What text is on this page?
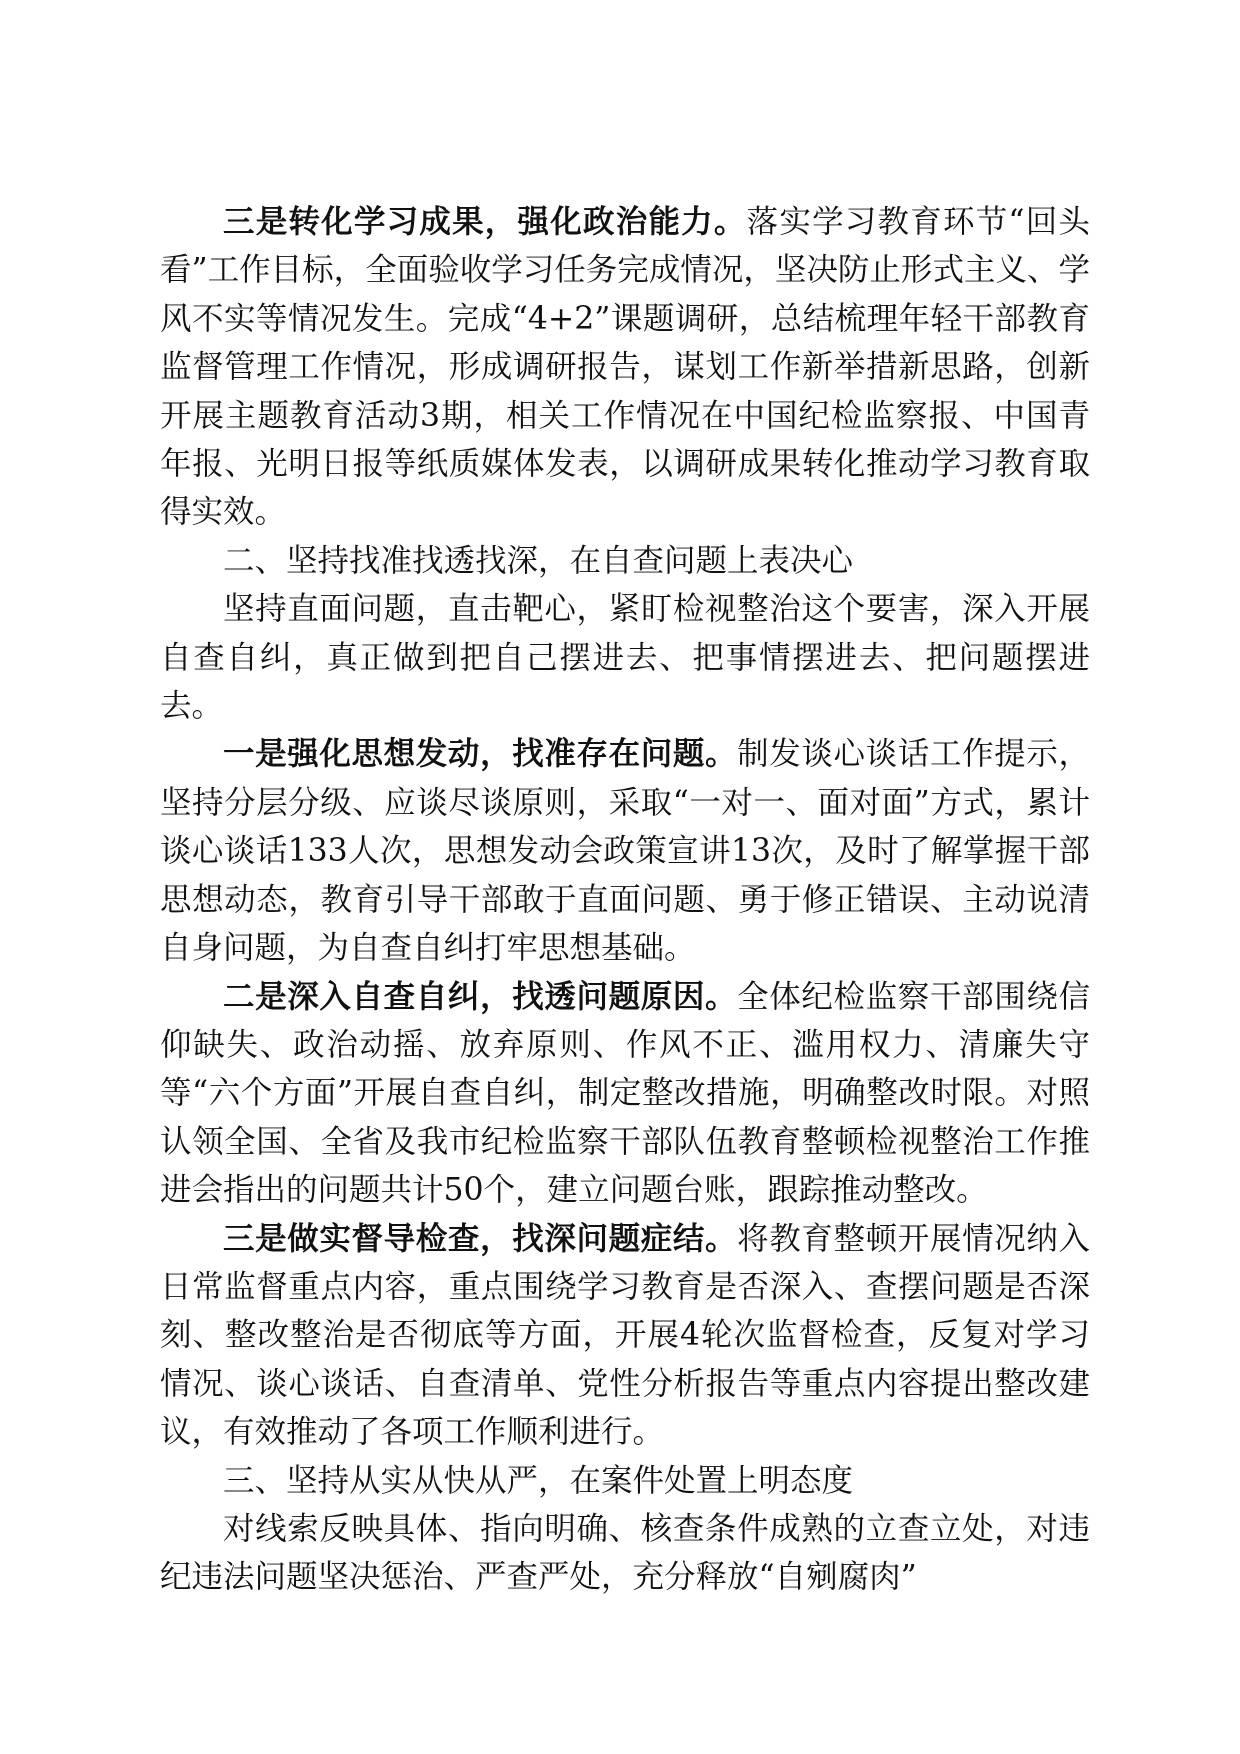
三是转化学习成果，强化政治能力。落实学习教育环节“回头看”工作目标，全面验收学习任务完成情况，坚决防止形式主义、学风不实等情况发生。完成“4+2”课题调研，总结梳理年轻干部教育监督管理工作情况，形成调研报告，谋划工作新举措新思路，创新开展主题教育活动3期，相关工作情况在中国纪检监察报、中国青年报、光明日报等纸质媒体发表，以调研成果转化推动学习教育取得实效。

二、坚持找准找透找深，在自查问题上表决心

坚持直面问题，直击靶心，紧盯检视整治这个要害，深入开展自查自纠，真正做到把自己摆进去、把事情摆进去、把问题摆进去。

一是强化思想发动，找准存在问题。制发谈心谈话工作提示，坚持分层分级、应谈尽谈原则，采取“一对一、面对面”方式，累计谈心谈话133人次，思想发动会政策宣讲13次，及时了解掌握干部思想动态，教育引导干部敢于直面问题、勇于修正错误、主动说清自身问题，为自查自纠打牢思想基础。

二是深入自查自纠，找透问题原因。全体纪检监察干部围绕信仰缺失、政治动摇、放弃原则、作风不正、滥用权力、清廉失守等“六个方面”开展自查自纠，制定整改措施，明确整改时限。对照认领全国、全省及我市纪检监察干部队伍教育整顿检视整治工作推进会指出的问题共计50个，建立问题台账，跟踪推动整改。

三是做实督导检查，找深问题症结。将教育整顿开展情况纳入日常监督重点内容，重点围绕学习教育是否深入、查摆问题是否深刻、整改整治是否彻底等方面，开展4轮次监督检查，反复对学习情况、谈心谈话、自查清单、党性分析报告等重点内容提出整改建议，有效推动了各项工作顺利进行。

三、坚持从实从快从严，在案件处置上明态度

对线索反映具体、指向明确、核查条件成熟的立查立处，对违纪违法问题坚决惩治、严查严处，充分释放“自剜腐肉”
